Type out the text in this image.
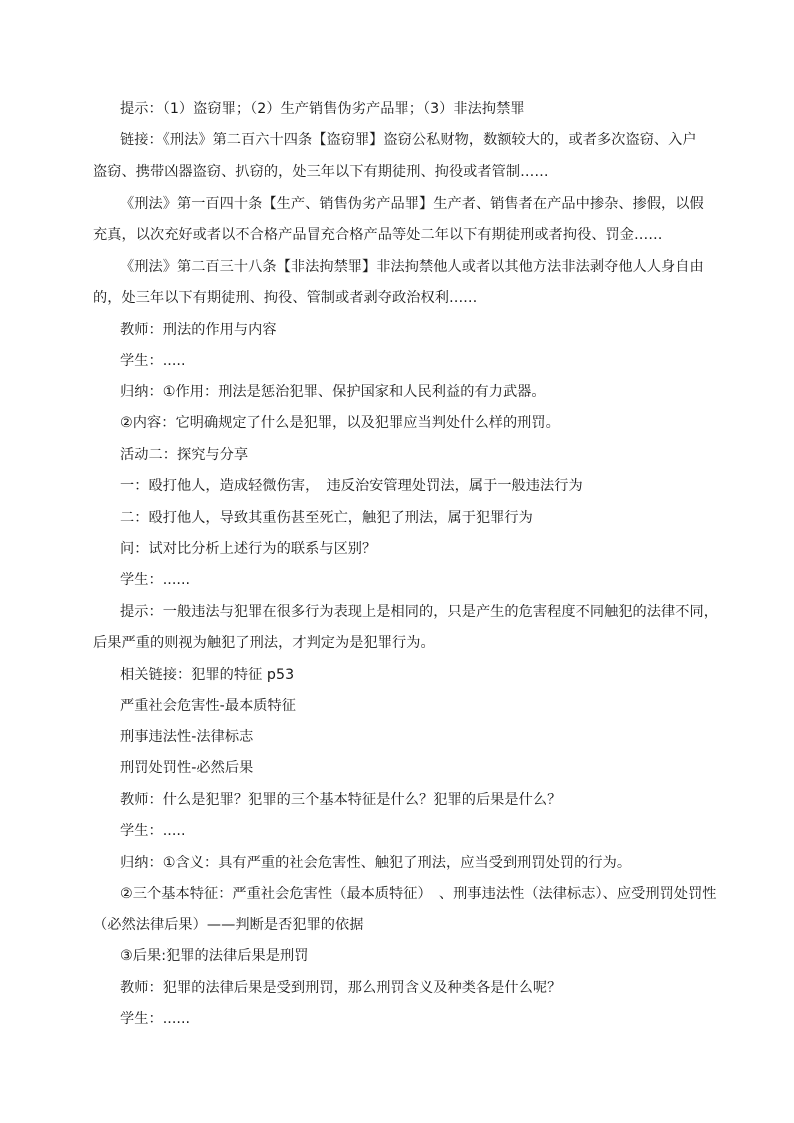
提示：（1）盗窃罪；（2）生产销售伪劣产品罪；（3）非法拘禁罪
链接：《刑法》第二百六十四条【盗窃罪】盗窃公私财物，数额较大的，或者多次盗窃、入户
盗窃、携带凶器盗窃、扒窃的，处三年以下有期徒刑、拘役或者管制……
《刑法》第一百四十条【生产、销售伪劣产品罪】生产者、销售者在产品中掺杂、掺假，以假
充真，以次充好或者以不合格产品冒充合格产品等处二年以下有期徒刑或者拘役、罚金……
《刑法》第二百三十八条【非法拘禁罪】非法拘禁他人或者以其他方法非法剥夺他人人身自由
的，处三年以下有期徒刑、拘役、管制或者剥夺政治权利……
教师：刑法的作用与内容
学生：.....
归纳：①作用：刑法是惩治犯罪、保护国家和人民利益的有力武器。
②内容：它明确规定了什么是犯罪，以及犯罪应当判处什么样的刑罚。
活动二：探究与分享
一：殴打他人，造成轻微伤害，　违反治安管理处罚法，属于一般违法行为
二：殴打他人，导致其重伤甚至死亡，触犯了刑法，属于犯罪行为
问：试对比分析上述行为的联系与区别？
学生：......
提示：一般违法与犯罪在很多行为表现上是相同的，只是产生的危害程度不同触犯的法律不同，
后果严重的则视为触犯了刑法，才判定为是犯罪行为。
相关链接：犯罪的特征 p53
严重社会危害性-最本质特征
刑事违法性-法律标志
刑罚处罚性-必然后果
教师：什么是犯罪？犯罪的三个基本特征是什么？犯罪的后果是什么？
学生：.....
归纳：①含义：具有严重的社会危害性、触犯了刑法，应当受到刑罚处罚的行为。
②三个基本特征：严重社会危害性（最本质特征）　、刑事违法性（法律标志）、应受刑罚处罚性
（必然法律后果）——判断是否犯罪的依据
③后果:犯罪的法律后果是刑罚
教师：犯罪的法律后果是受到刑罚，那么刑罚含义及种类各是什么呢？
学生：......
